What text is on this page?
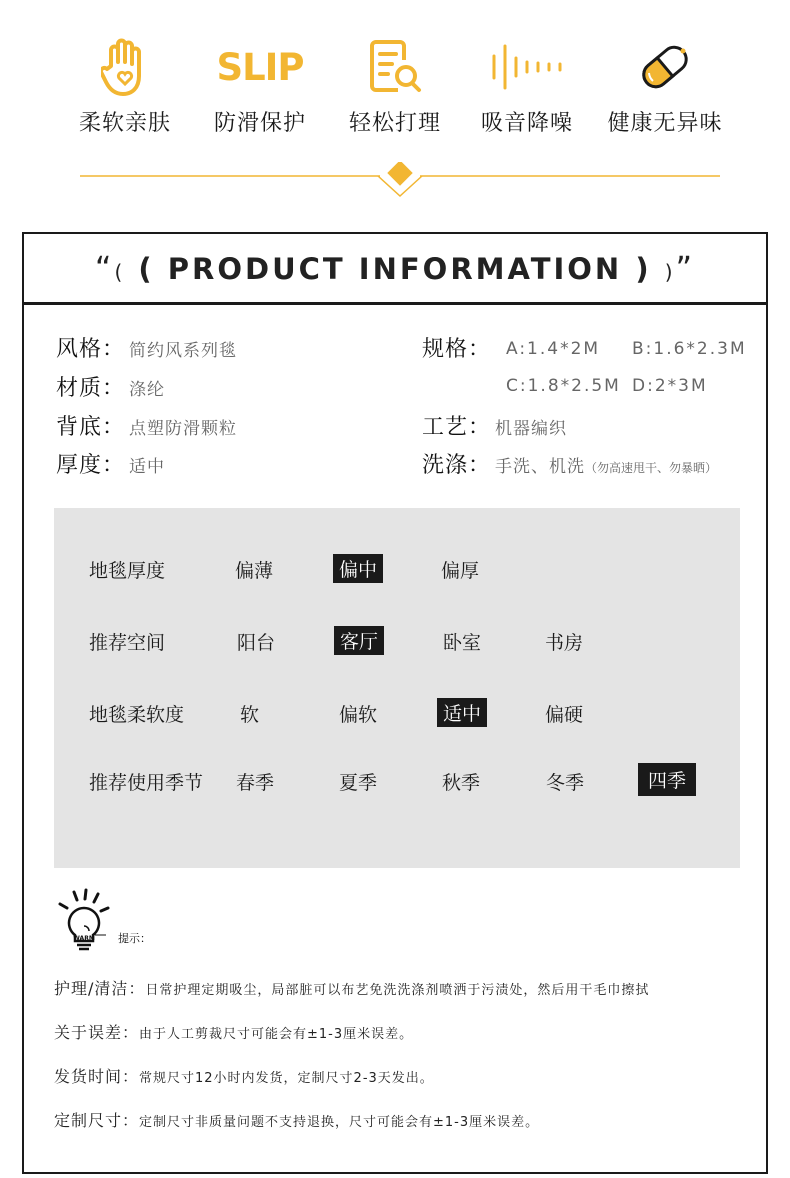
柔软亲肤
SLIP
防滑保护	轻松打理	吸音降噪	健康无异味
“( ( PRODUCT INFORMATION ) )”
风格： 简约风系列毯
材质： 涤纶
背底： 点塑防滑颗粒
厚度： 适中
规格： A:1.4*2M B:1.6*2.3M
C:1.8*2.5M D:2*3M
工艺： 机器编织
洗涤： 手洗、机洗（勿高速甩干、勿暴晒）
地毯厚度	偏薄	偏中	偏厚
推荐空间	阳台	客厅	卧室	书房
地毯柔软度	软	偏软	适中	偏硬
推荐使用季节 春季	夏季	秋季	冬季	四季
WARM 提示：
护理/清洁：日常护理定期吸尘，局部脏可以布艺免洗洗涤剂喷洒于污渍处，然后用干毛巾擦拭
关于误差：由于人工剪裁尺寸可能会有±1-3厘米误差。
发货时间：常规尺寸12小时内发货，定制尺寸2-3天发出。
定制尺寸：定制尺寸非质量问题不支持退换，尺寸可能会有±1-3厘米误差。
